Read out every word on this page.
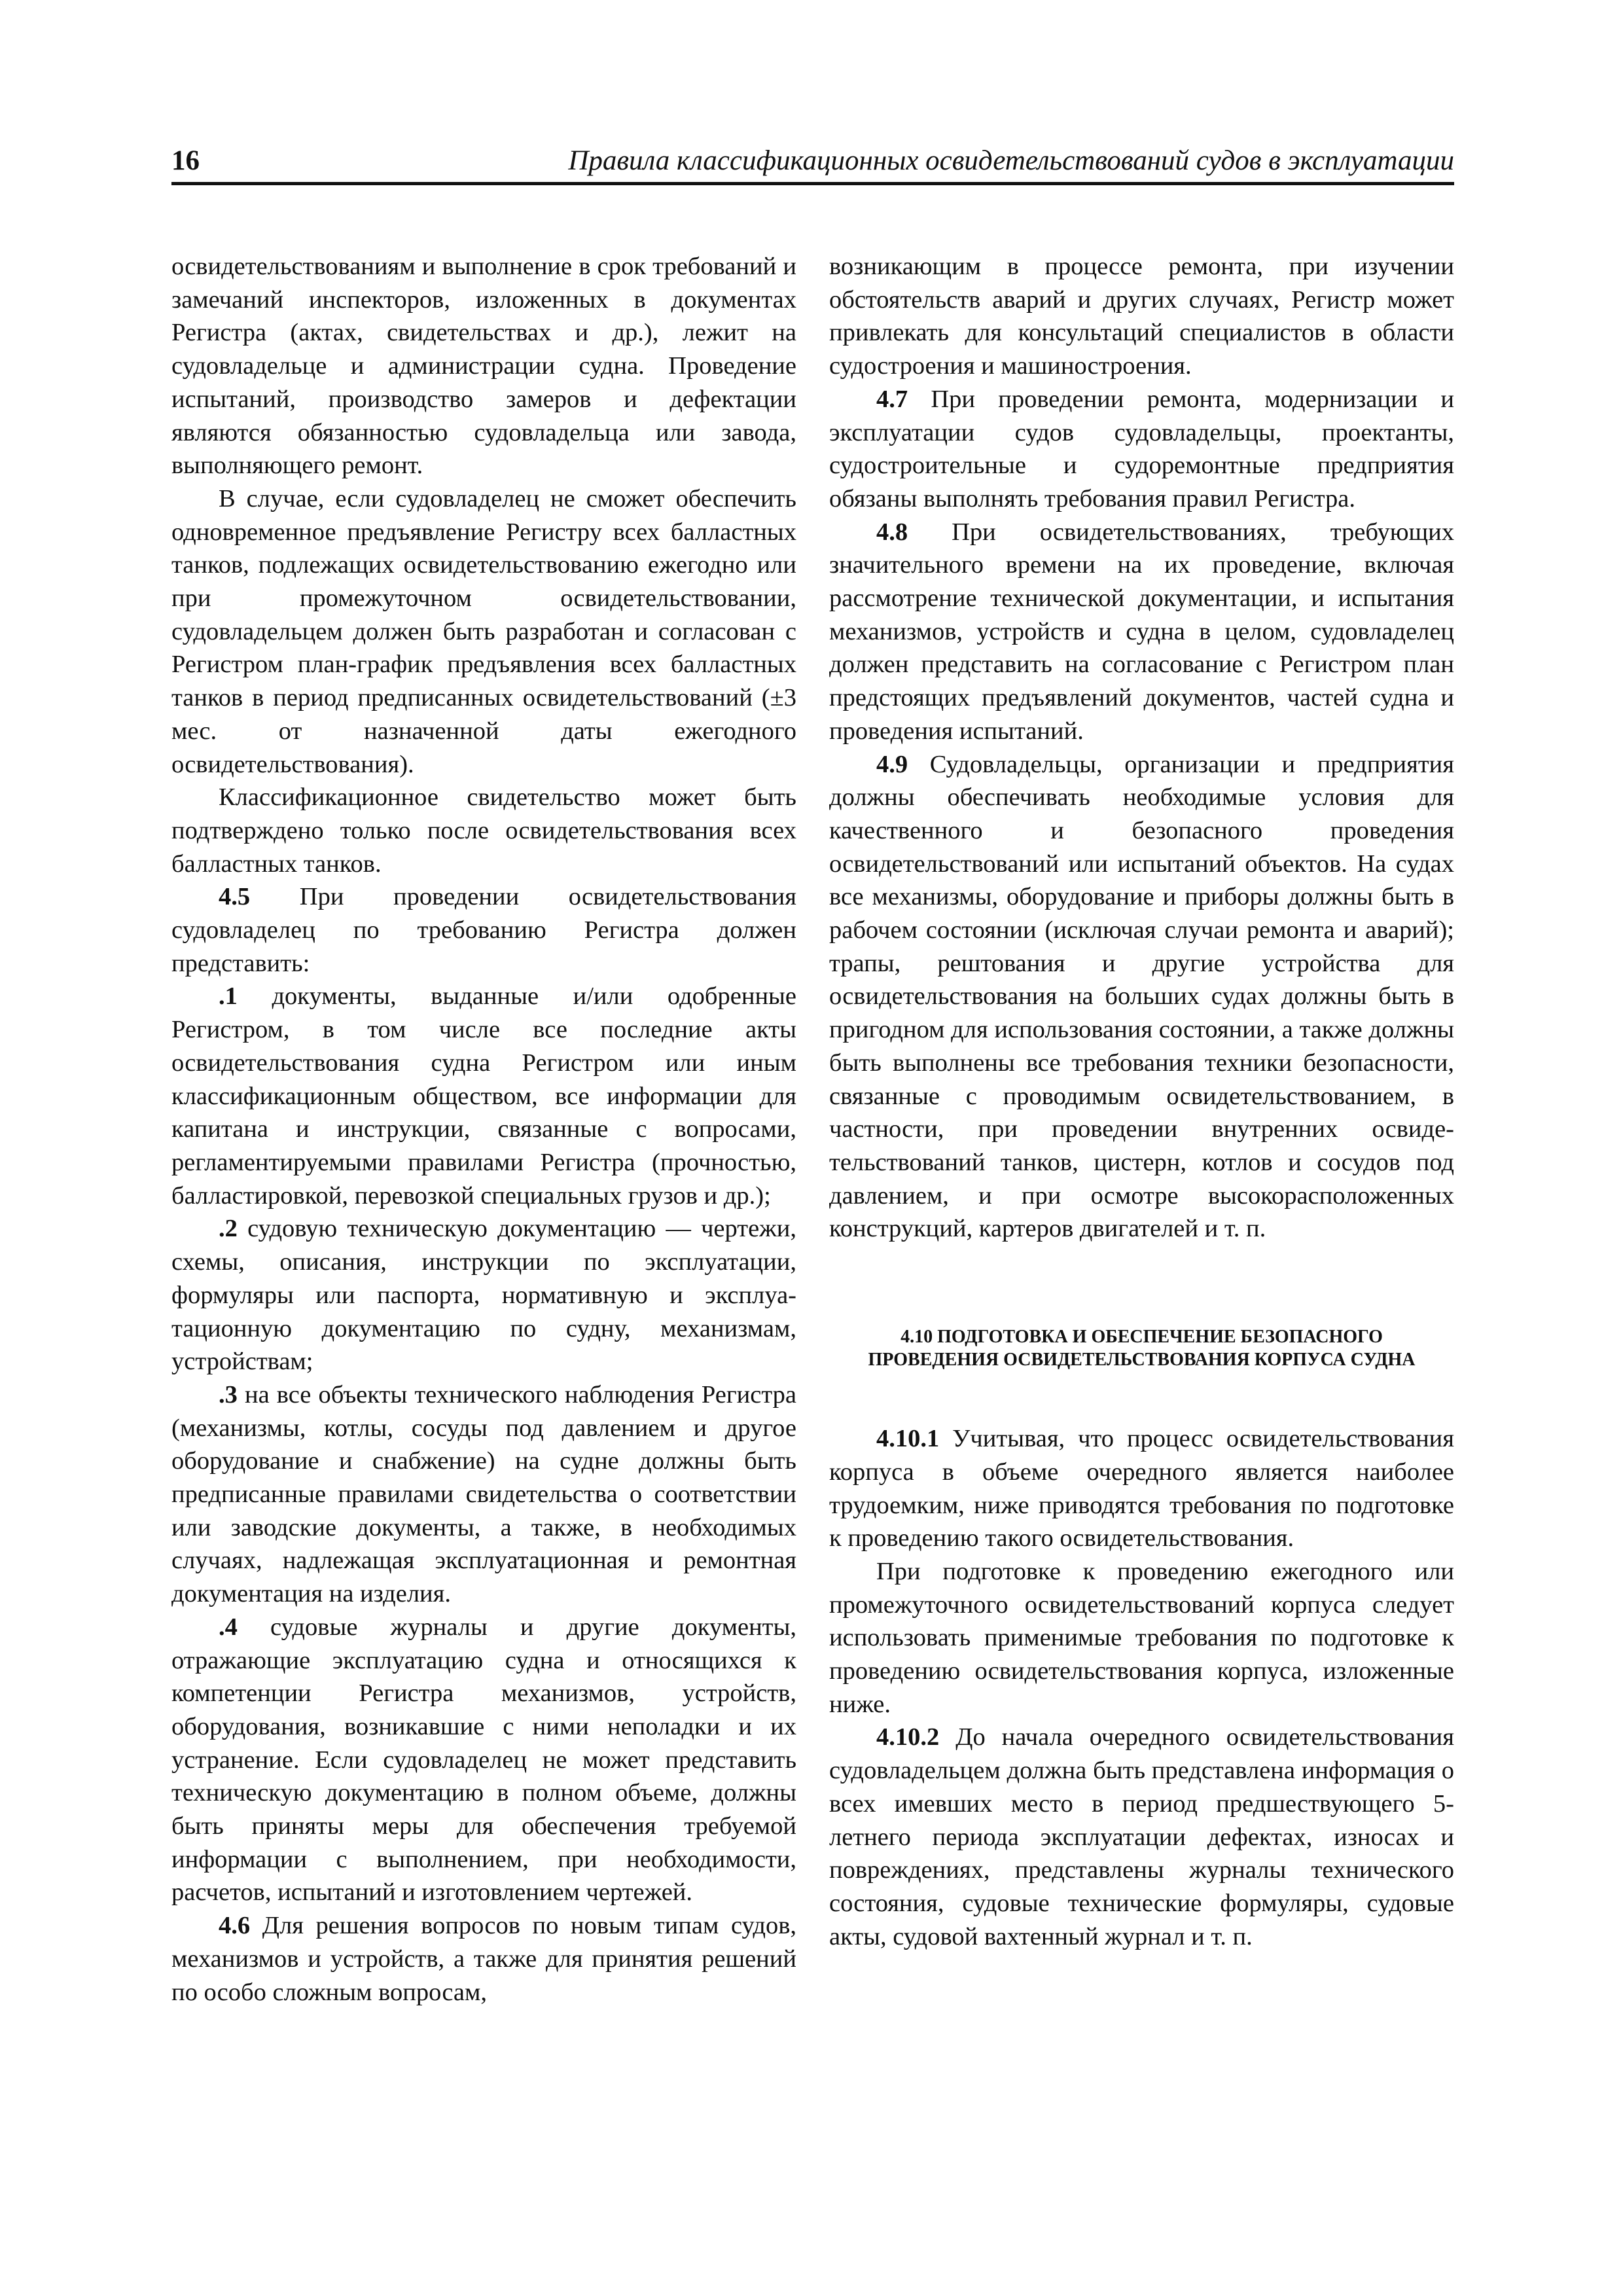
16	Правила классификационных освидетельствований судов в эксплуатации

освидетельствованиям и выполнение в срок требований и замечаний инспекторов, изложенных в документах Регистра (актах, свидетельствах и др.), лежит на судовладельце и администрации судна. Проведение испытаний, производство замеров и дефектации являются обязанностью судовладельца или завода, выполняющего ремонт.

В случае, если судовладелец не сможет обеспечить одновременное предъявление Регистру всех балластных танков, подлежащих освидетельствованию ежегодно или при промежуточном освидетельствовании, судовладельцем должен быть разработан и согласован с Регистром план-график предъявления всех балластных танков в период предписанных освидетельствований (±3 мес. от назначенной даты ежегодного освидетельствования).

Классификационное свидетельство может быть подтверждено только после освидетельствования всех балластных танков.

4.5 При проведении освидетельствования судовладелец по требованию Регистра должен представить:

.1 документы, выданные и/или одобренные Регистром, в том числе все последние акты освидетельствования судна Регистром или иным классификационным обществом, все информации для капитана и инструкции, связанные с вопросами, регламентируемыми правилами Регистра (прочностью, балластировкой, перевозкой специальных грузов и др.);

.2 судовую техническую документацию — чертежи, схемы, описания, инструкции по эксплуатации, формуляры или паспорта, нормативную и эксплуатационную документацию по судну, механизмам, устройствам;

.3 на все объекты технического наблюдения Регистра (механизмы, котлы, сосуды под давлением и другое оборудование и снабжение) на судне должны быть предписанные правилами свидетельства о соответствии или заводские документы, а также, в необходимых случаях, надлежащая эксплуатационная и ремонтная документация на изделия.

.4 судовые журналы и другие документы, отражающие эксплуатацию судна и относящихся к компетенции Регистра механизмов, устройств, оборудования, возникавшие с ними неполадки и их устранение. Если судовладелец не может представить техническую документацию в полном объеме, должны быть приняты меры для обеспечения требуемой информации с выполнением, при необходимости, расчетов, испытаний и изготовлением чертежей.

4.6 Для решения вопросов по новым типам судов, механизмов и устройств, а также для принятия решений по особо сложным вопросам,

возникающим в процессе ремонта, при изучении обстоятельств аварий и других случаях, Регистр может привлекать для консультаций специалистов в области судостроения и машиностроения.

4.7 При проведении ремонта, модернизации и эксплуатации судов судовладельцы, проектанты, судостроительные и судоремонтные предприятия обязаны выполнять требования правил Регистра.

4.8 При освидетельствованиях, требующих значительного времени на их проведение, включая рассмотрение технической документации, и испытания механизмов, устройств и судна в целом, судовладелец должен представить на согласование с Регистром план предстоящих предъявлений документов, частей судна и проведения испытаний.

4.9 Судовладельцы, организации и предприятия должны обеспечивать необходимые условия для качественного и безопасного проведения освидетельствований или испытаний объектов. На судах все механизмы, оборудование и приборы должны быть в рабочем состоянии (исключая случаи ремонта и аварий); трапы, рештования и другие устройства для освидетельствования на больших судах должны быть в пригодном для использования состоянии, а также должны быть выполнены все требования техники безопасности, связанные с проводимым освидетельствованием, в частности, при проведении внутренних освидетельствований танков, цистерн, котлов и сосудов под давлением, и при осмотре высокорасположенных конструкций, картеров двигателей и т. п.

4.10 ПОДГОТОВКА И ОБЕСПЕЧЕНИЕ БЕЗОПАСНОГО ПРОВЕДЕНИЯ ОСВИДЕТЕЛЬСТВОВАНИЯ КОРПУСА СУДНА

4.10.1 Учитывая, что процесс освидетельствования корпуса в объеме очередного является наиболее трудоемким, ниже приводятся требования по подготовке к проведению такого освидетельствования.

При подготовке к проведению ежегодного или промежуточного освидетельствований корпуса следует использовать применимые требования по подготовке к проведению освидетельствования корпуса, изложенные ниже.

4.10.2 До начала очередного освидетельствования судовладельцем должна быть представлена информация о всех имевших место в период предшествующего 5-летнего периода эксплуатации дефектах, износах и повреждениях, представлены журналы технического состояния, судовые технические формуляры, судовые акты, судовой вахтенный журнал и т. п.
